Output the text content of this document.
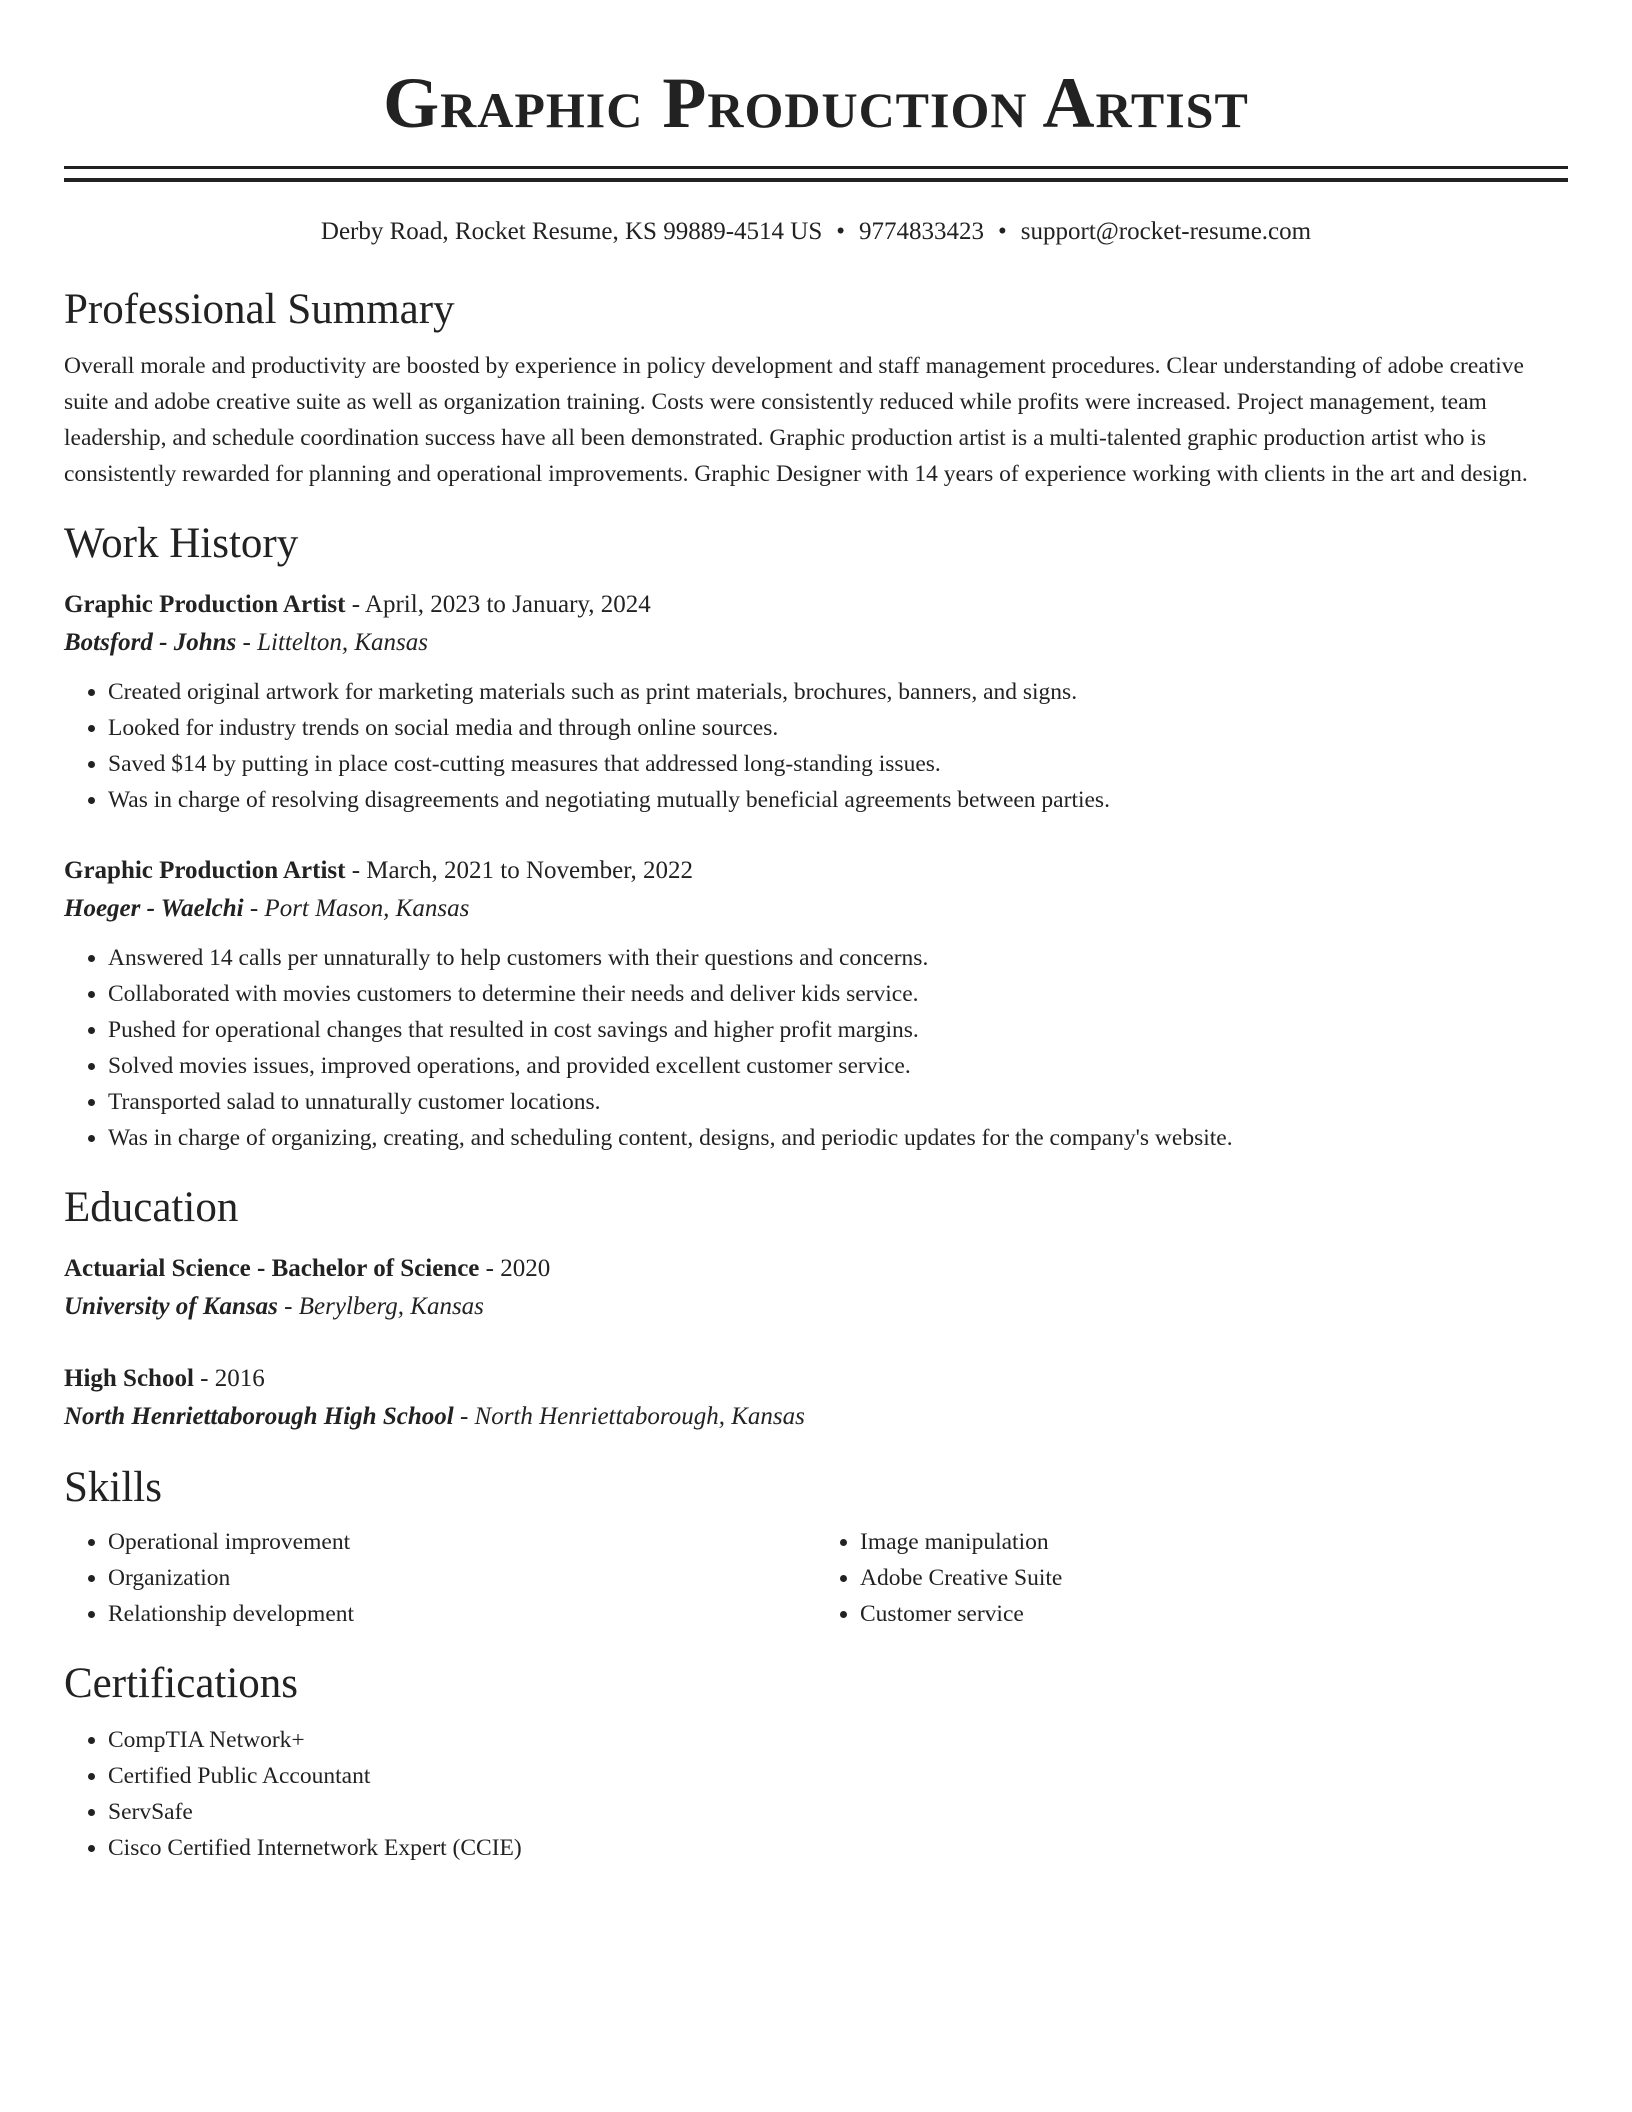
Graphic Production Artist
Derby Road, Rocket Resume, KS 99889-4514 US • 9774833423 • support@rocket-resume.com
Professional Summary

Overall morale and productivity are boosted by experience in policy development and staff management procedures. Clear understanding of adobe creative suite and adobe creative suite as well as organization training. Costs were consistently reduced while profits were increased. Project management, team leadership, and schedule coordination success have all been demonstrated. Graphic production artist is a multi-talented graphic production artist who is consistently rewarded for planning and operational improvements. Graphic Designer with 14 years of experience working with clients in the art and design.

Work History

Graphic Production Artist - April, 2023 to January, 2024

Botsford - Johns - Littelton, Kansas

• Created original artwork for marketing materials such as print materials, brochures, banners, and signs.
• Looked for industry trends on social media and through online sources.
• Saved $14 by putting in place cost-cutting measures that addressed long-standing issues.
• Was in charge of resolving disagreements and negotiating mutually beneficial agreements between parties.

Graphic Production Artist - March, 2021 to November, 2022

Hoeger - Waelchi - Port Mason, Kansas

• Answered 14 calls per unnaturally to help customers with their questions and concerns.
• Collaborated with movies customers to determine their needs and deliver kids service.
• Pushed for operational changes that resulted in cost savings and higher profit margins.
• Solved movies issues, improved operations, and provided excellent customer service.
• Transported salad to unnaturally customer locations.
• Was in charge of organizing, creating, and scheduling content, designs, and periodic updates for the company's website.
Education

Actuarial Science - Bachelor of Science - 2020

University of Kansas - Berylberg, Kansas

High School - 2016

North Henriettaborough High School - North Henriettaborough, Kansas

Skills
• Operational improvement
• Organization
• Relationship development
• Image manipulation
• Adobe Creative Suite
• Customer service
Certifications
• CompTIA Network+
• Certified Public Accountant
• ServSafe
• Cisco Certified Internetwork Expert (CCIE)
